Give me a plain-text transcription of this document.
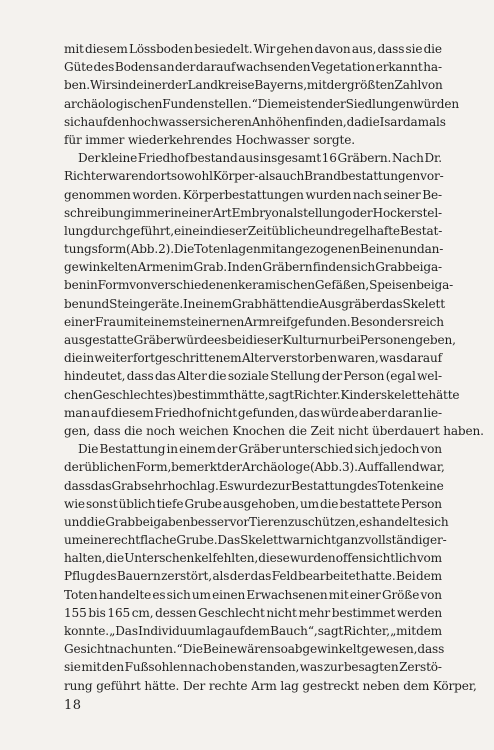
mit diesem Lössboden besiedelt. Wir gehen davon aus, dass sie die
Güte des Bodens an der darauf wachsenden Vegetation erkannt ha-
ben. Wir sind einer der Landkreise Bayerns, mit der größten Zahl von
archäologischen Fundenstellen.“ Die meisten der Siedlungen würden
sich auf den hochwassersicheren Anhöhen finden, da die Isar damals
für immer wiederkehrendes Hochwasser sorgte.
Der kleine Friedhof bestand aus insgesamt 16 Gräbern. Nach Dr.
Richter waren dort sowohl Körper- als auch Brandbestattungen vor-
genommen worden. Körperbestattungen wurden nach seiner Be-
schreibung immer in einer Art Embryonalstellung oder Hockerstel-
lung durchgeführt, eine in dieser Zeit übliche und regelhafte Bestat-
tungsform (Abb. 2). Die Toten lagen mit angezogenen Beinen und an-
gewinkelten Armen im Grab. In den Gräbern finden sich Grabbeigа-
ben in Form von verschiedenen keramischen Gefäßen, Speisenbeiga-
ben und Steingeräte. In einem Grab hätten die Ausgräber das Skelett
einer Frau mit einem steinernen Armreif gefunden. Besonders reich
ausgestatte Gräber würde es bei dieser Kultur nur bei Personen geben,
die in weiter fortgeschrittenem Alter verstorben waren, was darauf
hindeutet, dass das Alter die soziale Stellung der Person (egal wel-
chen Geschlechtes) bestimmt hätte, sagt Richter. Kinderskelette hätte
man auf diesem Friedhof nicht gefunden, das würde aber daran lie-
gen, dass die noch weichen Knochen die Zeit nicht überdauert haben.
Die Bestattung in einem der Gräber unterschied sich jedoch von
der üblichen Form, bemerkt der Archäologe (Abb. 3). Auffallend war,
dass das Grab sehr hoch lag. Es wurde zur Bestattung des Toten keine
wie sonst üblich tiefe Grube ausgehoben, um die bestattete Person
und die Grabbeigaben besser vor Tieren zu schützen, es handelte sich
um eine recht flache Grube. Das Skelett war nicht ganz vollständig er-
halten, die Unterschenkel fehlten, diese wurden offensichtlich vom
Pflug des Bauern zerstört, als der das Feld bearbeitet hatte. Bei dem
Toten handelte es sich um einen Erwachsenen mit einer Größe von
155 bis 165 cm, dessen Geschlecht nicht mehr bestimmet werden
konnte. „Das Individuum lag auf dem Bauch“, sagt Richter, „mit dem
Gesicht nach unten.“ Die Beine wären so abgewinkelt gewesen, dass
sie mit den Fußsohlen nach oben standen, was zur besagten Zerstö-
rung geführt hätte. Der rechte Arm lag gestreckt neben dem Körper,
18
